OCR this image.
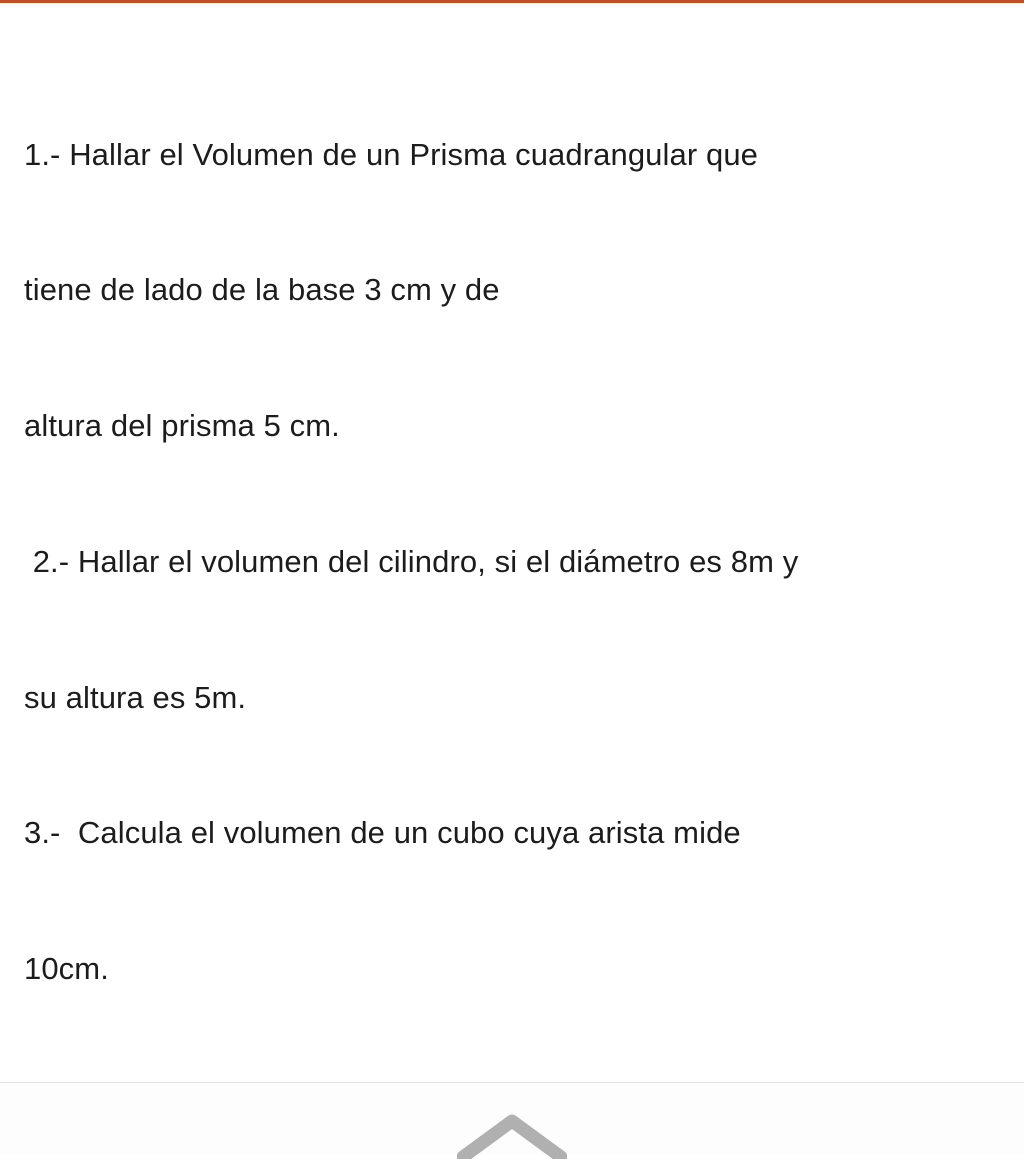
1.- Hallar el Volumen de un Prisma cuadrangular que

tiene de lado de la base 3 cm y de

altura del prisma 5 cm.

2.- Hallar el volumen del cilindro, si el diámetro es 8m y

su altura es 5m.

3.-  Calcula el volumen de un cubo cuya arista mide

10cm.
